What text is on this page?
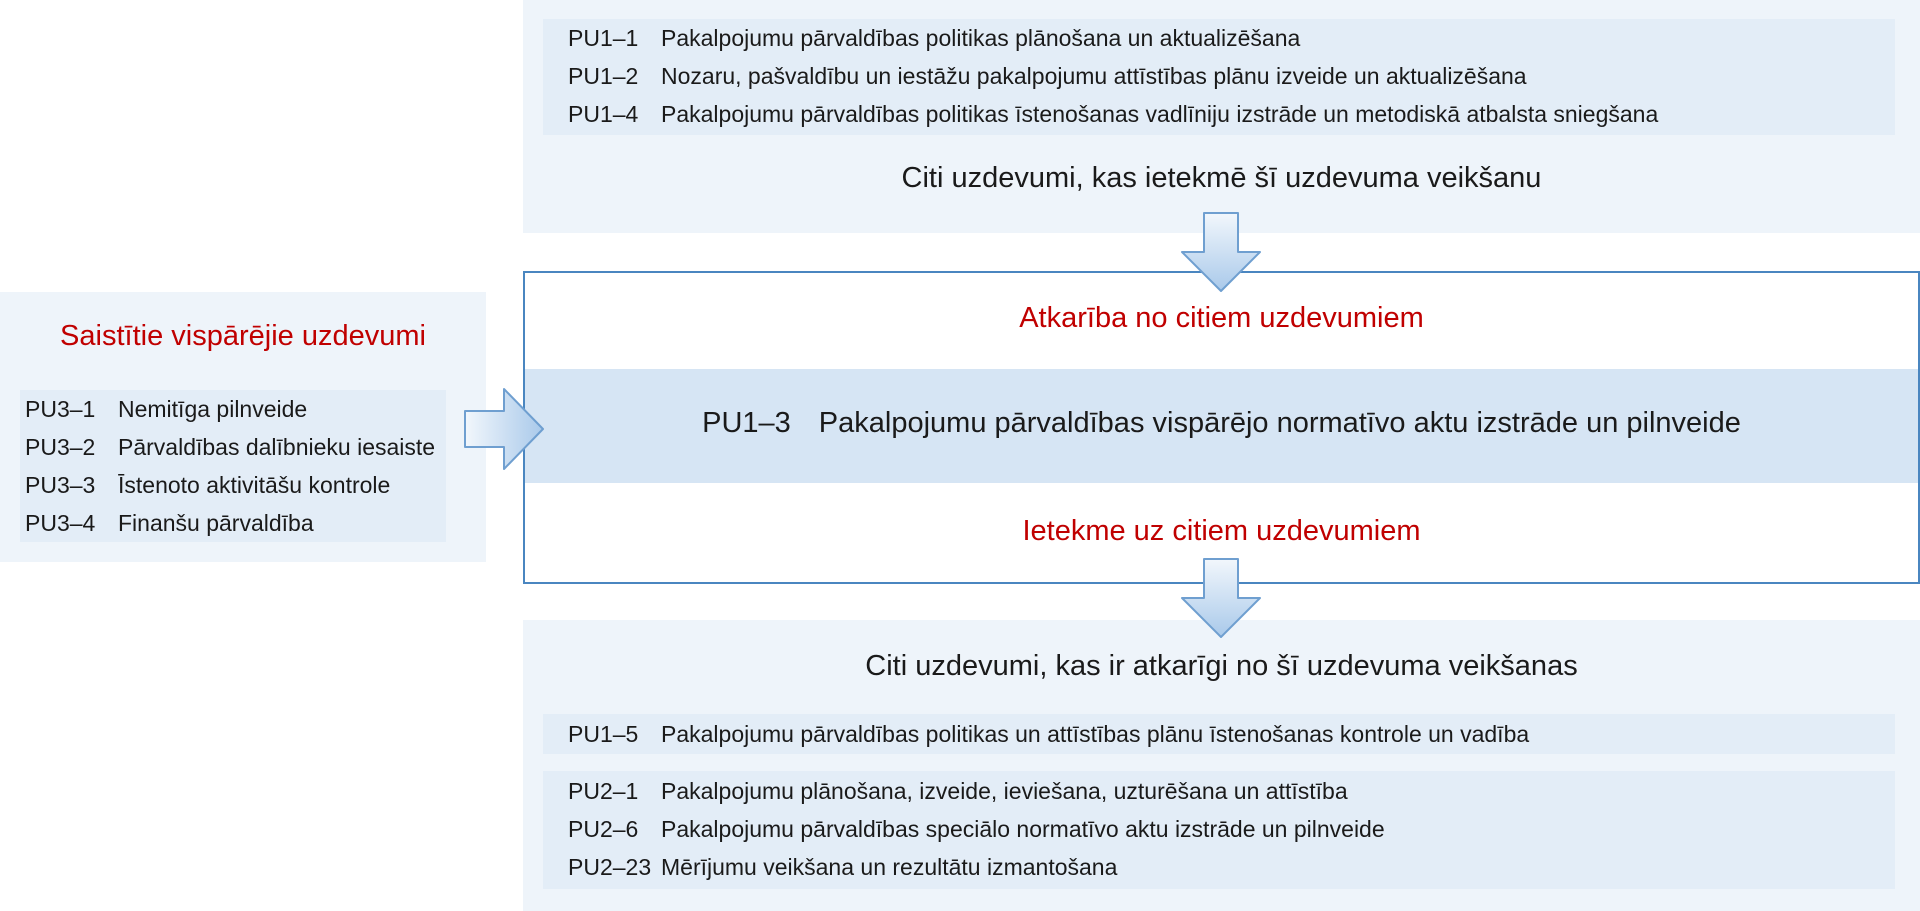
PU1–1 Pakalpojumu pārvaldības politikas plānošana un aktualizēšana
PU1–2 Nozaru, pašvaldību un iestāžu pakalpojumu attīstības plānu izveide un aktualizēšana
PU1–4 Pakalpojumu pārvaldības politikas īstenošanas vadlīniju izstrāde un metodiskā atbalsta sniegšana
Citi uzdevumi, kas ietekmē šī uzdevuma veikšanu
Saistītie vispārējie uzdevumi
PU3–1 Nemitīga pilnveide
PU3–2 Pārvaldības dalībnieku iesaiste
PU3–3 Īstenoto aktivitāšu kontrole
PU3–4 Finanšu pārvaldība
Atkarība no citiem uzdevumiem
PU1–3 Pakalpojumu pārvaldības vispārējo normatīvo aktu izstrāde un pilnveide
Ietekme uz citiem uzdevumiem
Citi uzdevumi, kas ir atkarīgi no šī uzdevuma veikšanas
PU1–5 Pakalpojumu pārvaldības politikas un attīstības plānu īstenošanas kontrole un vadība
PU2–1 Pakalpojumu plānošana, izveide, ieviešana, uzturēšana un attīstība
PU2–6 Pakalpojumu pārvaldības speciālo normatīvo aktu izstrāde un pilnveide
PU2–23 Mērījumu veikšana un rezultātu izmantošana
